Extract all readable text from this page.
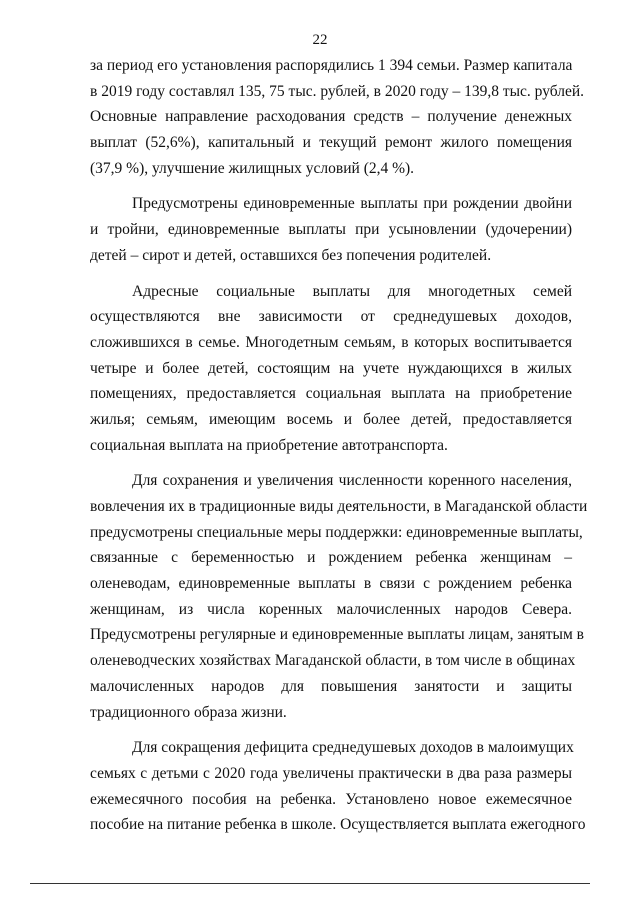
22
за период его установления распорядились 1 394 семьи. Размер капитала
в 2019 году составлял 135, 75 тыс. рублей, в 2020 году – 139,8 тыс. рублей.
Основные направление расходования средств – получение денежных
выплат (52,6%), капитальный и текущий ремонт жилого помещения
(37,9 %), улучшение жилищных условий (2,4 %).
Предусмотрены единовременные выплаты при рождении двойни
и тройни, единовременные выплаты при усыновлении (удочерении)
детей – сирот и детей, оставшихся без попечения родителей.
Адресные социальные выплаты для многодетных семей
осуществляются вне зависимости от среднедушевых доходов,
сложившихся в семье. Многодетным семьям, в которых воспитывается
четыре и более детей, состоящим на учете нуждающихся в жилых
помещениях, предоставляется социальная выплата на приобретение
жилья; семьям, имеющим восемь и более детей, предоставляется
социальная выплата на приобретение автотранспорта.
Для сохранения и увеличения численности коренного населения,
вовлечения их в традиционные виды деятельности, в Магаданской области
предусмотрены специальные меры поддержки: единовременные выплаты,
связанные с беременностью и рождением ребенка женщинам –
оленеводам, единовременные выплаты в связи с рождением ребенка
женщинам, из числа коренных малочисленных народов Севера.
Предусмотрены регулярные и единовременные выплаты лицам, занятым в
оленеводческих хозяйствах Магаданской области, в том числе в общинах
малочисленных народов для повышения занятости и защиты
традиционного образа жизни.
Для сокращения дефицита среднедушевых доходов в малоимущих
семьях с детьми с 2020 года увеличены практически в два раза размеры
ежемесячного пособия на ребенка. Установлено новое ежемесячное
пособие на питание ребенка в школе. Осуществляется выплата ежегодного
